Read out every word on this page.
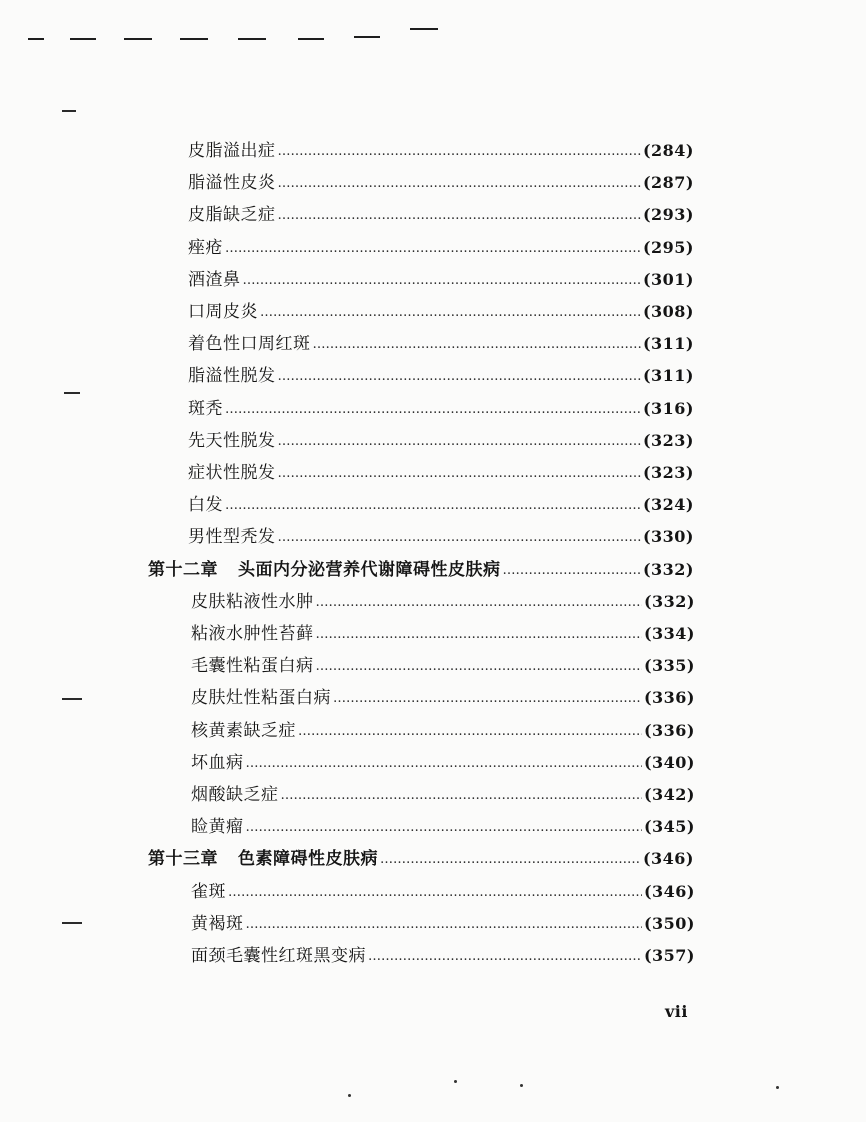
皮脂溢出症 …………………………………………………………………………………………………………………………………………………………………………………………………………………………………………	(284)
脂溢性皮炎 …………………………………………………………………………………………………………………………………………………………………………………………………………………………………………	(287)
皮脂缺乏症 …………………………………………………………………………………………………………………………………………………………………………………………………………………………………………	(293)
痤疮 …………………………………………………………………………………………………………………………………………………………………………………………………………………………………………	(295)
酒渣鼻 …………………………………………………………………………………………………………………………………………………………………………………………………………………………………………	(301)
口周皮炎 …………………………………………………………………………………………………………………………………………………………………………………………………………………………………………	(308)
着色性口周红斑 …………………………………………………………………………………………………………………………………………………………………………………………………………………………………………	(311)
脂溢性脱发 …………………………………………………………………………………………………………………………………………………………………………………………………………………………………………	(311)
斑秃 …………………………………………………………………………………………………………………………………………………………………………………………………………………………………………	(316)
先天性脱发 …………………………………………………………………………………………………………………………………………………………………………………………………………………………………………	(323)
症状性脱发 …………………………………………………………………………………………………………………………………………………………………………………………………………………………………………	(323)
白发 …………………………………………………………………………………………………………………………………………………………………………………………………………………………………………	(324)
男性型秃发 …………………………………………………………………………………………………………………………………………………………………………………………………………………………………………	(330)
第十二章 头面内分泌营养代谢障碍性皮肤病 …………………………………………………………………………………………………………………………………………………………………………………………………………………………………………	(332)
皮肤粘液性水肿 …………………………………………………………………………………………………………………………………………………………………………………………………………………………………………	(332)
粘液水肿性苔藓 …………………………………………………………………………………………………………………………………………………………………………………………………………………………………………	(334)
毛囊性粘蛋白病 …………………………………………………………………………………………………………………………………………………………………………………………………………………………………………	(335)
皮肤灶性粘蛋白病 …………………………………………………………………………………………………………………………………………………………………………………………………………………………………………	(336)
核黄素缺乏症 …………………………………………………………………………………………………………………………………………………………………………………………………………………………………………	(336)
坏血病 …………………………………………………………………………………………………………………………………………………………………………………………………………………………………………	(340)
烟酸缺乏症 …………………………………………………………………………………………………………………………………………………………………………………………………………………………………………	(342)
睑黄瘤 …………………………………………………………………………………………………………………………………………………………………………………………………………………………………………	(345)
第十三章 色素障碍性皮肤病 …………………………………………………………………………………………………………………………………………………………………………………………………………………………………………	(346)
雀斑 …………………………………………………………………………………………………………………………………………………………………………………………………………………………………………	(346)
黄褐斑 …………………………………………………………………………………………………………………………………………………………………………………………………………………………………………	(350)
面颈毛囊性红斑黑变病 …………………………………………………………………………………………………………………………………………………………………………………………………………………………………………	(357)
vii
